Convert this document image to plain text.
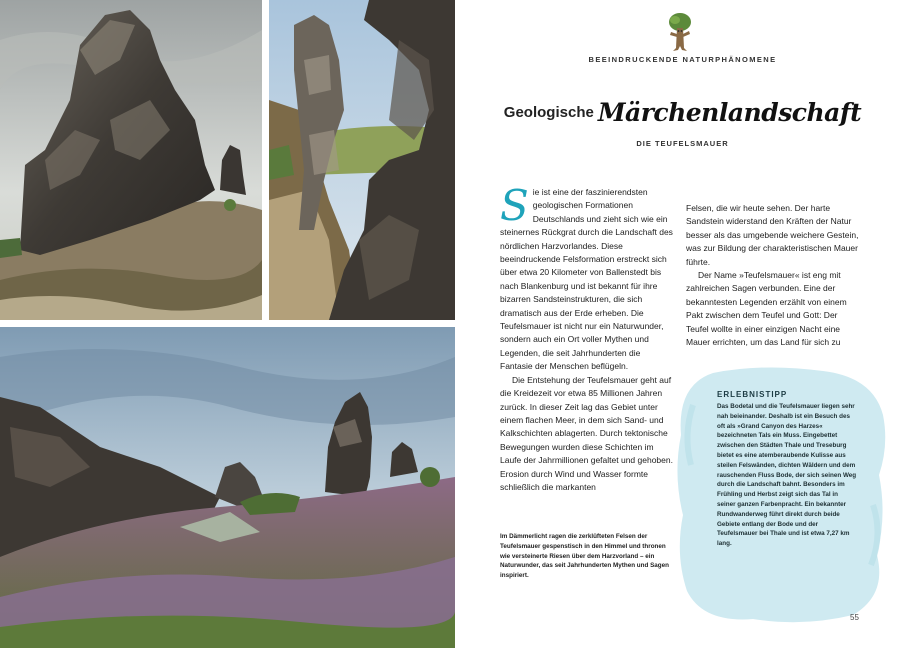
BEEINDRUCKENDE NATURPHÄNOMENE
Geologische Märchenlandschaft
DIE TEUFELSMAUER

Sie ist eine der faszinierendsten geologischen Formationen Deutschlands und zieht sich wie ein steinernes Rückgrat durch die Landschaft des nördlichen Harzvorlandes. Diese beeindruckende Felsformation erstreckt sich über etwa 20 Kilometer von Ballenstedt bis nach Blankenburg und ist bekannt für ihre bizarren Sandsteinstrukturen, die sich dramatisch aus der Erde erheben. Die Teufelsmauer ist nicht nur ein Naturwunder, sondern auch ein Ort voller Mythen und Legenden, die seit Jahrhunderten die Fantasie der Menschen beflügeln.

Die Entstehung der Teufelsmauer geht auf die Kreidezeit vor etwa 85 Millionen Jahren zurück. In dieser Zeit lag das Gebiet unter einem flachen Meer, in dem sich Sand- und Kalkschichten ablagerten. Durch tektonische Bewegungen wurden diese Schichten im Laufe der Jahrmillionen gefaltet und gehoben. Erosion durch Wind und Wasser formte schließlich die markanten

Felsen, die wir heute sehen. Der harte Sandstein widerstand den Kräften der Natur besser als das umgebende weichere Gestein, was zur Bildung der charakteristischen Mauer führte.

Der Name »Teufelsmauer« ist eng mit zahlreichen Sagen verbunden. Eine der bekanntesten Legenden erzählt von einem Pakt zwischen dem Teufel und Gott: Der Teufel wollte in einer einzigen Nacht eine Mauer errichten, um das Land für sich zu

Im Dämmerlicht ragen die zerklüfteten Felsen der Teufelsmauer gespenstisch in den Himmel und thronen wie versteinerte Riesen über dem Harzvorland – ein Naturwunder, das seit Jahrhunderten Mythen und Sagen inspiriert.
ERLEBNISTIPP
Das Bodetal und die Teufelsmauer liegen sehr nah beieinander. Deshalb ist ein Besuch des oft als »Grand Canyon des Harzes« bezeichneten Tals ein Muss. Eingebettet zwischen den Städten Thale und Treseburg bietet es eine atemberaubende Kulisse aus steilen Felswänden, dichten Wäldern und dem rauschenden Fluss Bode, der sich seinen Weg durch die Landschaft bahnt. Besonders im Frühling und Herbst zeigt sich das Tal in seiner ganzen Farbenpracht. Ein bekannter Rundwanderweg führt direkt durch beide Gebiete entlang der Bode und der Teufelsmauer bei Thale und ist etwa 7,27 km lang.
55
